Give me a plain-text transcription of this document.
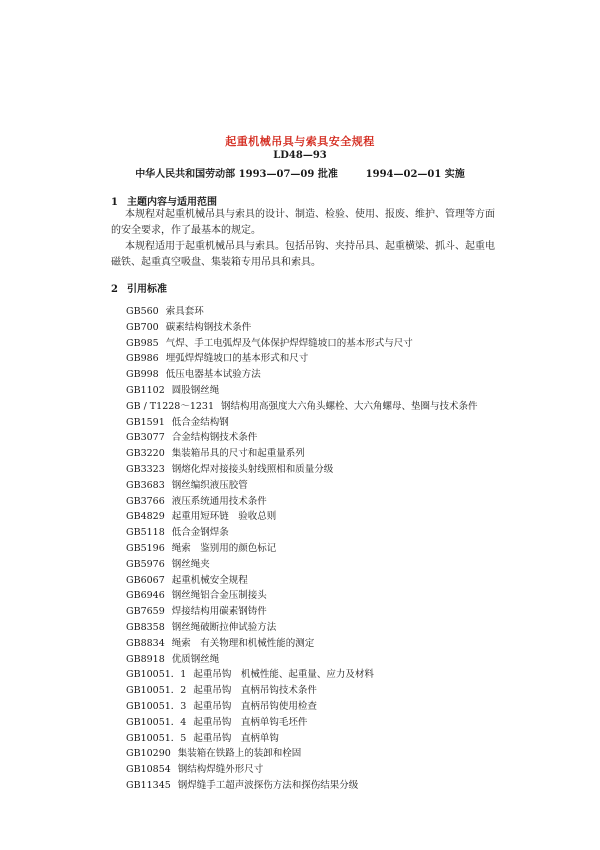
起重机械吊具与索具安全规程
LD48—93
中华人民共和国劳动部 1993—07—09 批准        1994—02—01 实施
1 主题内容与适用范围
本规程对起重机械吊具与索具的设计、制造、检验、使用、报废、维护、管理等方面的安全要求，作了最基本的规定。
本规程适用于起重机械吊具与索具。包括吊钩、夹持吊具、起重横梁、抓斗、起重电磁铁、起重真空吸盘、集装箱专用吊具和索具。
2 引用标准
GB560 索具套环
GB700 碳素结构钢技术条件
GB985 气焊、手工电弧焊及气体保护焊焊缝坡口的基本形式与尺寸
GB986 埋弧焊焊缝坡口的基本形式和尺寸
GB998 低压电器基本试验方法
GB1102 圆股钢丝绳
GB / T1228～1231 钢结构用高强度大六角头螺栓、大六角螺母、垫圈与技术条件
GB1591 低合金结构钢
GB3077 合金结构钢技术条件
GB3220 集装箱吊具的尺寸和起重量系列
GB3323 钢熔化焊对接接头射线照相和质量分级
GB3683 钢丝编织液压胶管
GB3766 液压系统通用技术条件
GB4829 起重用短环链　验收总则
GB5118 低合金钢焊条
GB5196 绳索　鉴别用的颜色标记
GB5976 钢丝绳夹
GB6067 起重机械安全规程
GB6946 钢丝绳铝合金压制接头
GB7659 焊接结构用碳素钢铸件
GB8358 钢丝绳破断拉伸试验方法
GB8834 绳索　有关物理和机械性能的测定
GB8918 优质钢丝绳
GB10051．1 起重吊钩　机械性能、起重量、应力及材料
GB10051．2 起重吊钩　直柄吊钩技术条件
GB10051．3 起重吊钩　直柄吊钩使用检查
GB10051．4 起重吊钩　直柄单钩毛坯件
GB10051．5 起重吊钩　直柄单钩
GB10290 集装箱在铁路上的装卸和栓固
GB10854 钢结构焊缝外形尺寸
GB11345 钢焊缝手工超声波探伤方法和探伤结果分级
